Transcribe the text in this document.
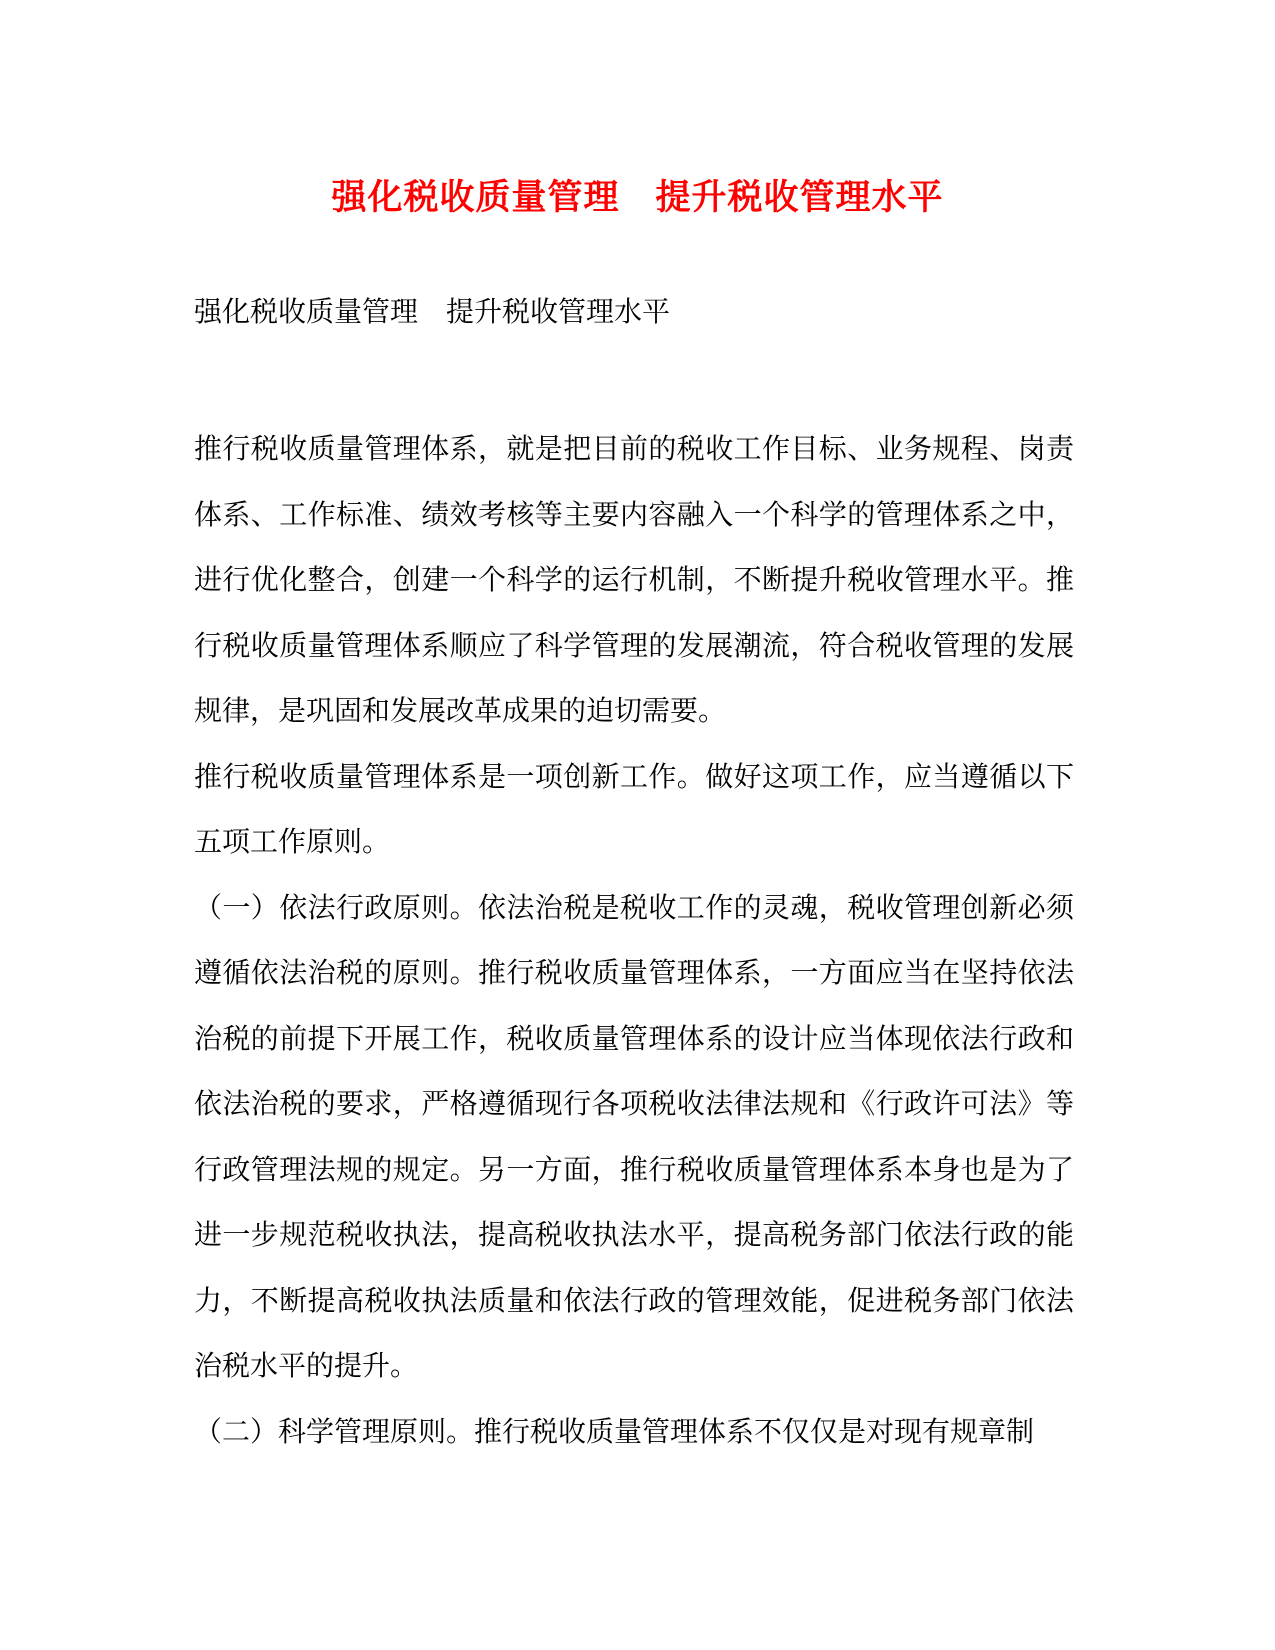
强化税收质量管理　提升税收管理水平
强化税收质量管理　提升税收管理水平

推行税收质量管理体系，就是把目前的税收工作目标、业务规程、岗责体系、工作标准、绩效考核等主要内容融入一个科学的管理体系之中，进行优化整合，创建一个科学的运行机制，不断提升税收管理水平。推行税收质量管理体系顺应了科学管理的发展潮流，符合税收管理的发展规律，是巩固和发展改革成果的迫切需要。

推行税收质量管理体系是一项创新工作。做好这项工作，应当遵循以下五项工作原则。

（一）依法行政原则。依法治税是税收工作的灵魂，税收管理创新必须遵循依法治税的原则。推行税收质量管理体系，一方面应当在坚持依法治税的前提下开展工作，税收质量管理体系的设计应当体现依法行政和依法治税的要求，严格遵循现行各项税收法律法规和《行政许可法》等行政管理法规的规定。另一方面，推行税收质量管理体系本身也是为了进一步规范税收执法，提高税收执法水平，提高税务部门依法行政的能力，不断提高税收执法质量和依法行政的管理效能，促进税务部门依法治税水平的提升。

（二）科学管理原则。推行税收质量管理体系不仅仅是对现有规章制
